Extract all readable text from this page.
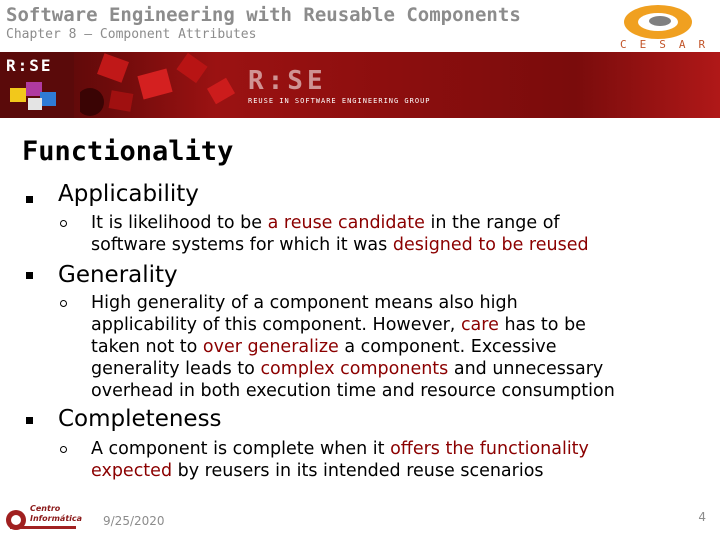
Software Engineering with Reusable Components
Chapter 8 – Component Attributes
CESAR
R:SE
R:SE
REUSE IN SOFTWARE ENGINEERING GROUP
Functionality
Applicability
It is likelihood to be a reuse candidate in the range of
software systems for which it was designed to be reused
Generality
High generality of a component means also high
applicability of this component. However, care has to be
taken not to over generalize a component. Excessive
generality leads to complex components and unnecessary
overhead in both execution time and resource consumption
Completeness
A component is complete when it offers the functionality
expected by reusers in its intended reuse scenarios
Centro
Informática 9/25/2020	4
